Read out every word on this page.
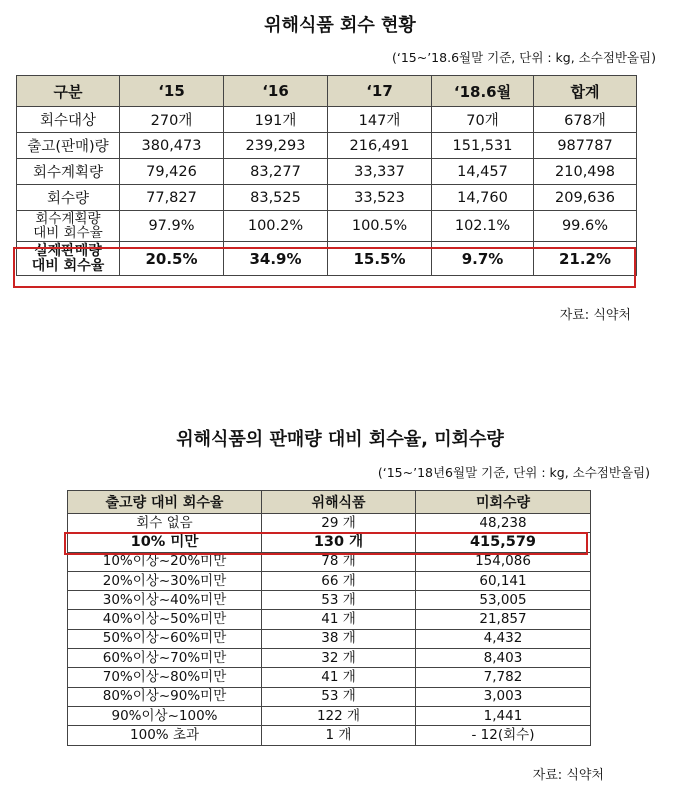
위해식품 회수 현황
(‘15~’18.6월말 기준, 단위 : kg, 소수점반올림)
구분	‘15	‘16	‘17	‘18.6월	합계
회수대상	270개	191개	147개	70개	678개
출고(판매)량	380,473	239,293	216,491	151,531	987787
회수계획량	79,426	83,277	33,337	14,457	210,498
회수량	77,827	83,525	33,523	14,760	209,636

회수계획량
대비 회수율	97.9%	100.2%	100.5%	102.1%	99.6%

실제판매량
대비 회수율	20.5%	34.9%	15.5%	9.7%	21.2%
자료: 식약처
위해식품의 판매량 대비 회수율, 미회수량
(‘15~’18년6월말 기준, 단위 : kg, 소수점반올림)
출고량 대비 회수율	위해식품	미회수량
회수 없음	29 개	48,238
10% 미만	130 개	415,579
10%이상~20%미만	78 개	154,086
20%이상~30%미만	66 개	60,141
30%이상~40%미만	53 개	53,005
40%이상~50%미만	41 개	21,857
50%이상~60%미만	38 개	4,432
60%이상~70%미만	32 개	8,403
70%이상~80%미만	41 개	7,782
80%이상~90%미만	53 개	3,003
90%이상~100%	122 개	1,441
100% 초과	1 개	- 12(회수)
자료: 식약처
